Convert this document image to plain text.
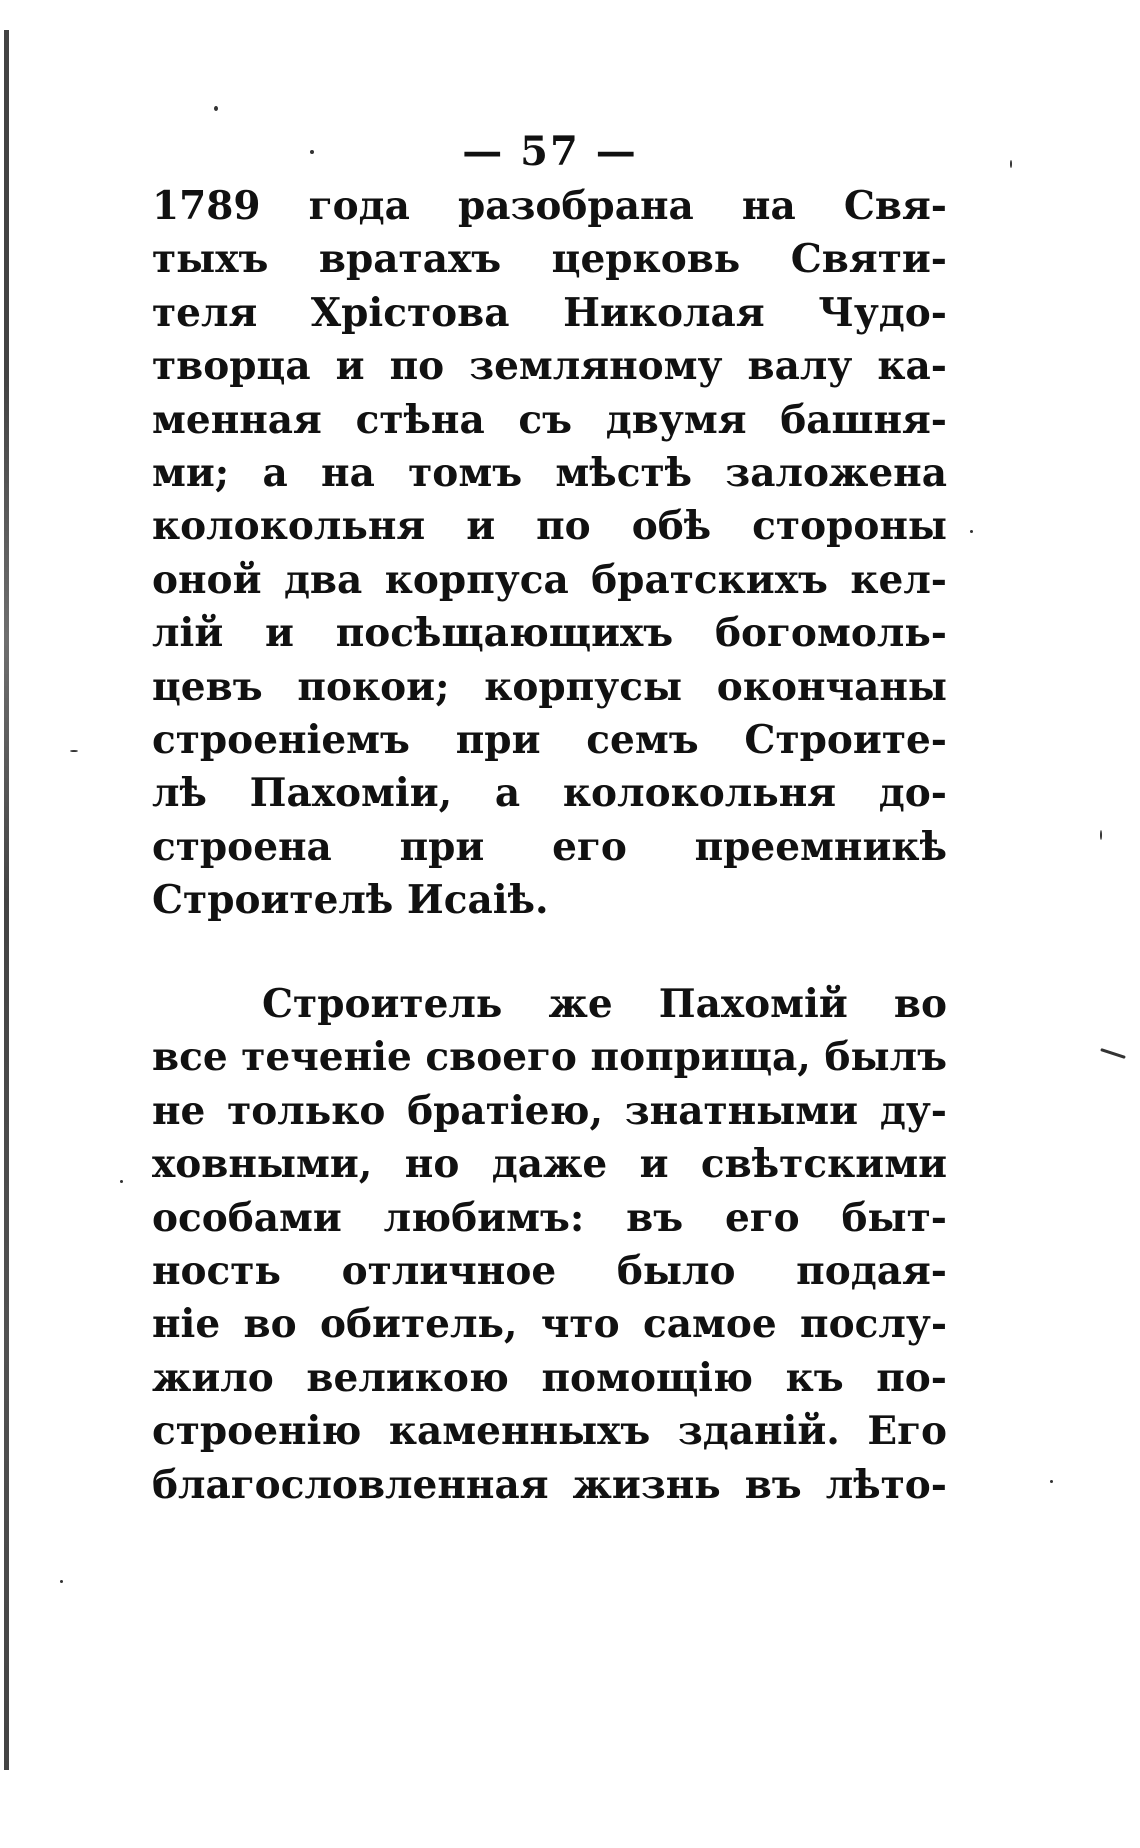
— 57 —
1789 года разобрана на Свя-
тыхъ вратахъ церковь Святи-
теля Хрістова Николая Чудо-
творца и по земляному валу ка-
менная стѣна съ двумя башня-
ми; а на томъ мѣстѣ заложена
колокольня и по обѣ стороны
оной два корпуса братскихъ кел-
лій и посѣщающихъ богомоль-
цевъ покои; корпусы окончаны
строеніемъ при семъ Строите-
лѣ Пахоміи, а колокольня до-
строена при его преемникѣ
Строителѣ Исаіѣ.
Строитель же Пахомій во
все теченіе своего поприща, былъ
не только братіею, знатными ду-
ховными, но даже и свѣтскими
особами любимъ: въ его быт-
ность отличное было подая-
ніе во обитель, что самое послу-
жило великою помощію къ по-
строенію каменныхъ зданій. Его
благословленная жизнь въ лѣто-
